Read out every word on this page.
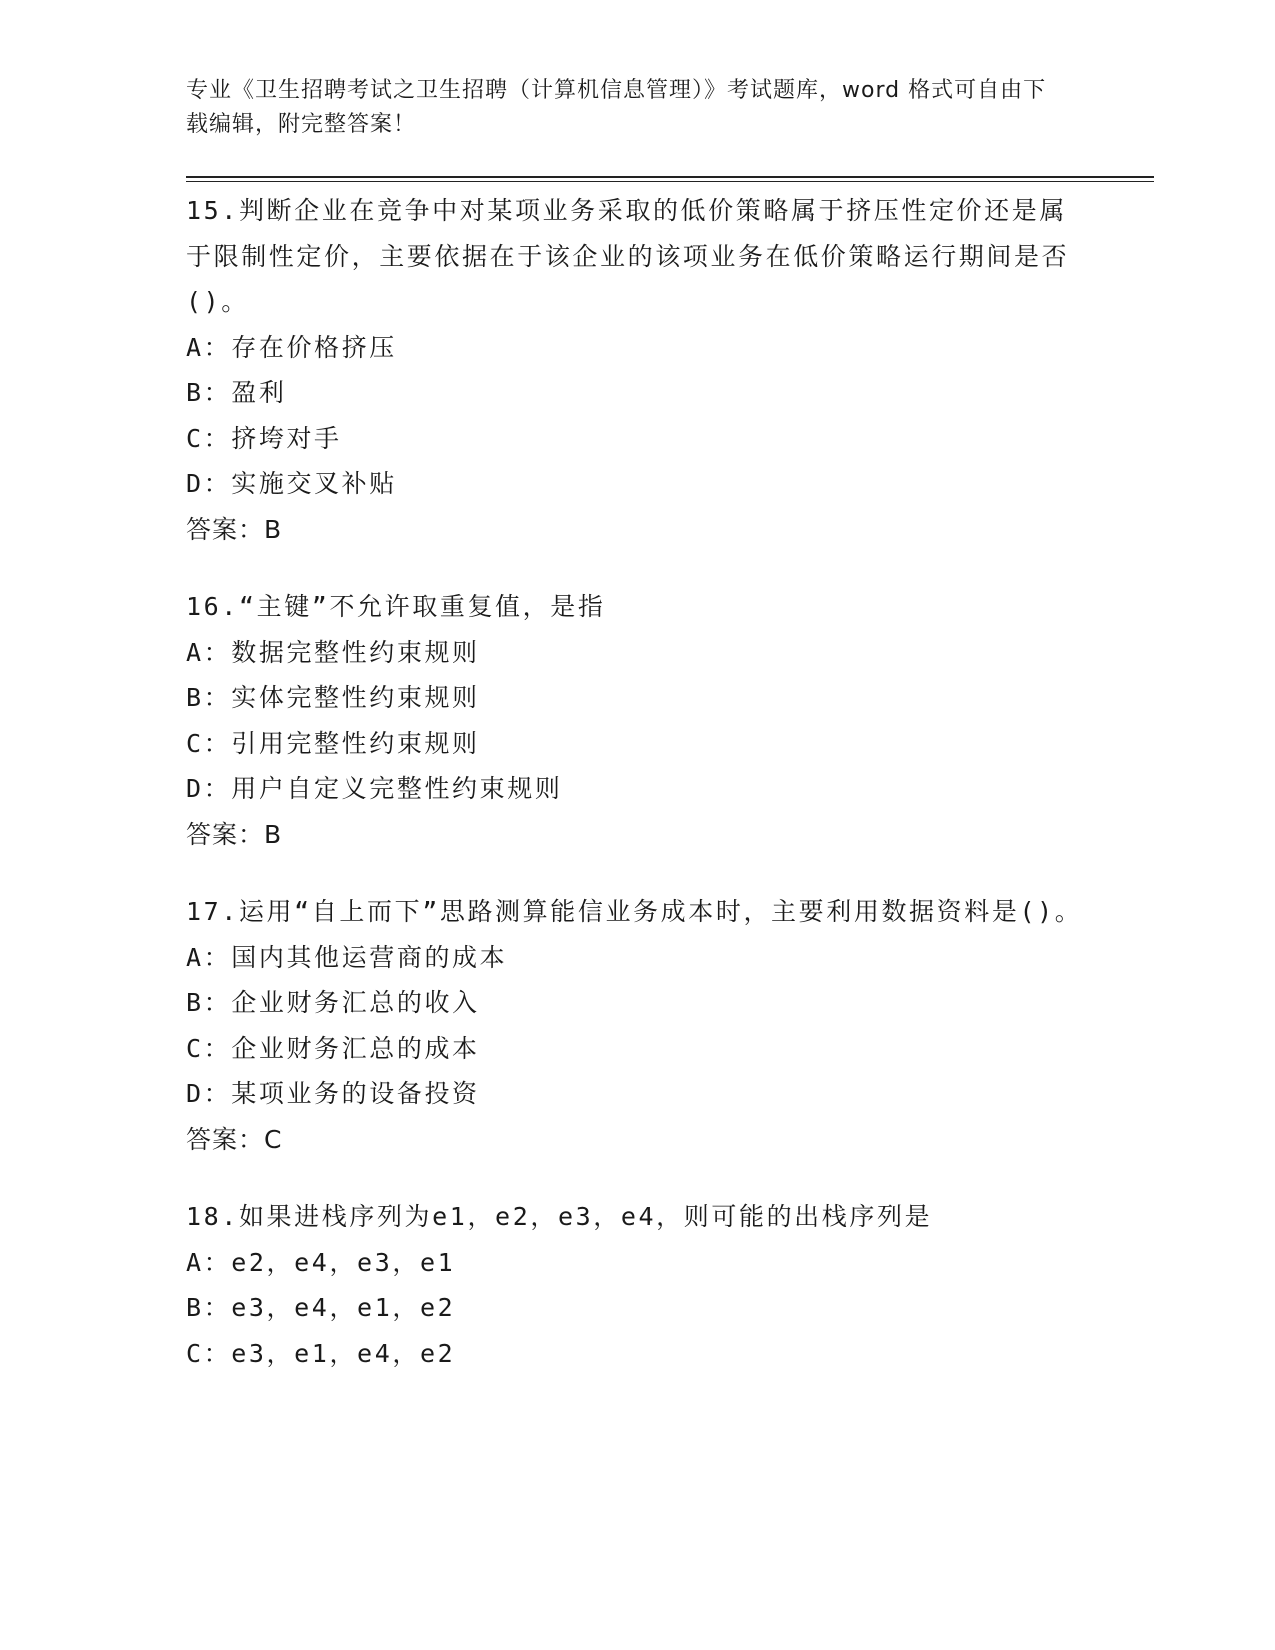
专业《卫生招聘考试之卫生招聘（计算机信息管理）》考试题库，word 格式可自由下载编辑，附完整答案！

15.判断企业在竞争中对某项业务采取的低价策略属于挤压性定价还是属于限制性定价，主要依据在于该企业的该项业务在低价策略运行期间是否()。

A：存在价格挤压

B：盈利

C：挤垮对手

D：实施交叉补贴

答案：B

16.“主键”不允许取重复值，是指

A：数据完整性约束规则

B：实体完整性约束规则

C：引用完整性约束规则

D：用户自定义完整性约束规则

答案：B

17.运用“自上而下”思路测算能信业务成本时，主要利用数据资料是()。

A：国内其他运营商的成本

B：企业财务汇总的收入

C：企业财务汇总的成本

D：某项业务的设备投资

答案：C

18.如果进栈序列为e1，e2，e3，e4，则可能的出栈序列是

A：e2，e4，e3，e1

B：e3，e4，e1，e2

C：e3，e1，e4，e2
